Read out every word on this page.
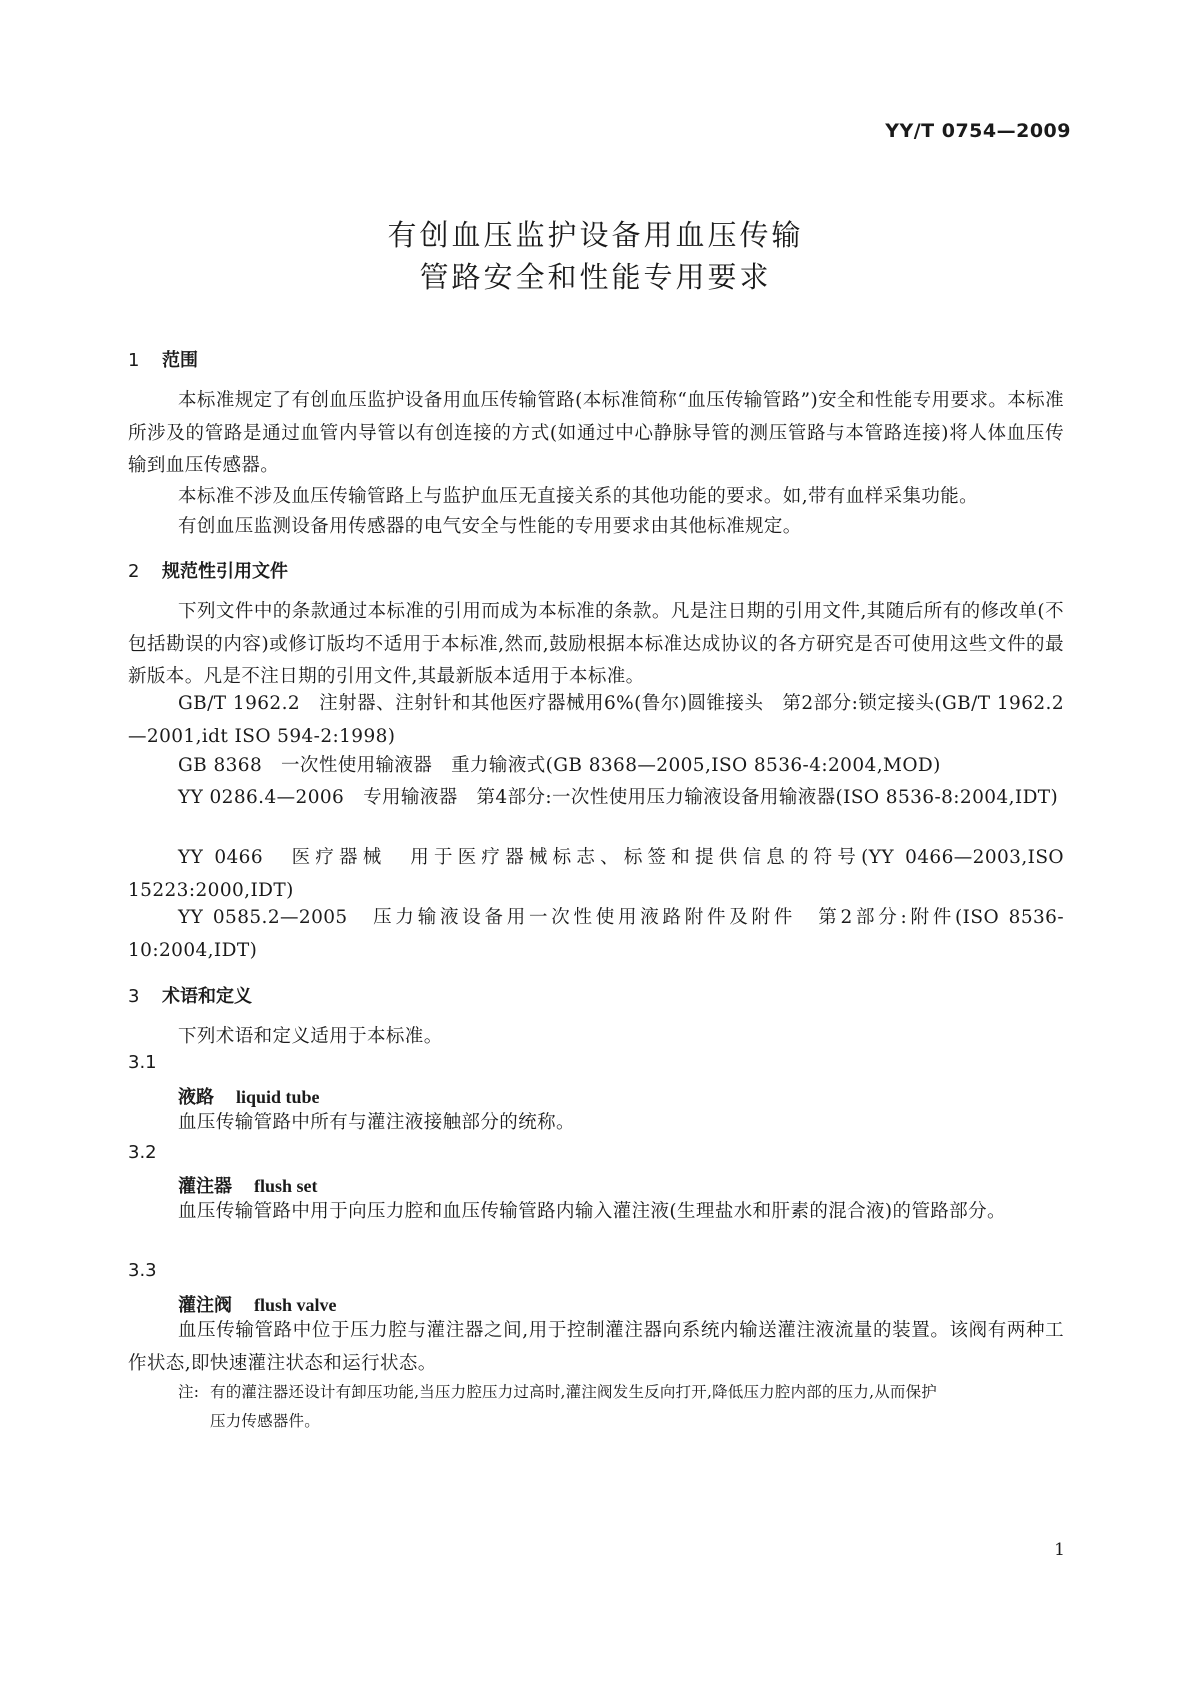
YY/T 0754—2009
有创血压监护设备用血压传输
管路安全和性能专用要求
1 范围
本标准规定了有创血压监护设备用血压传输管路(本标准简称“血压传输管路”)安全和性能专用要求。本标准所涉及的管路是通过血管内导管以有创连接的方式(如通过中心静脉导管的测压管路与本管路连接)将人体血压传输到血压传感器。
本标准不涉及血压传输管路上与监护血压无直接关系的其他功能的要求。如,带有血样采集功能。
有创血压监测设备用传感器的电气安全与性能的专用要求由其他标准规定。
2 规范性引用文件
下列文件中的条款通过本标准的引用而成为本标准的条款。凡是注日期的引用文件,其随后所有的修改单(不包括勘误的内容)或修订版均不适用于本标准,然而,鼓励根据本标准达成协议的各方研究是否可使用这些文件的最新版本。凡是不注日期的引用文件,其最新版本适用于本标准。
GB/T 1962.2　注射器、注射针和其他医疗器械用6%(鲁尔)圆锥接头　第2部分:锁定接头(GB/T 1962.2—2001,idt ISO 594-2:1998)
GB 8368　一次性使用输液器　重力输液式(GB 8368—2005,ISO 8536-4:2004,MOD)
YY 0286.4—2006　专用输液器　第4部分:一次性使用压力输液设备用输液器(ISO 8536-8:2004,IDT)
YY 0466　医疗器械　用于医疗器械标志、标签和提供信息的符号(YY 0466—2003,ISO 15223:2000,IDT)
YY 0585.2—2005　压力输液设备用一次性使用液路附件及附件　第2部分:附件(ISO 8536-10:2004,IDT)
3 术语和定义
下列术语和定义适用于本标准。
3.1
液路 liquid tube
血压传输管路中所有与灌注液接触部分的统称。
3.2
灌注器 flush set
血压传输管路中用于向压力腔和血压传输管路内输入灌注液(生理盐水和肝素的混合液)的管路部分。
3.3
灌注阀 flush valve
血压传输管路中位于压力腔与灌注器之间,用于控制灌注器向系统内输送灌注液流量的装置。该阀有两种工作状态,即快速灌注状态和运行状态。
注: 有的灌注器还设计有卸压功能,当压力腔压力过高时,灌注阀发生反向打开,降低压力腔内部的压力,从而保护
压力传感器件。
1
